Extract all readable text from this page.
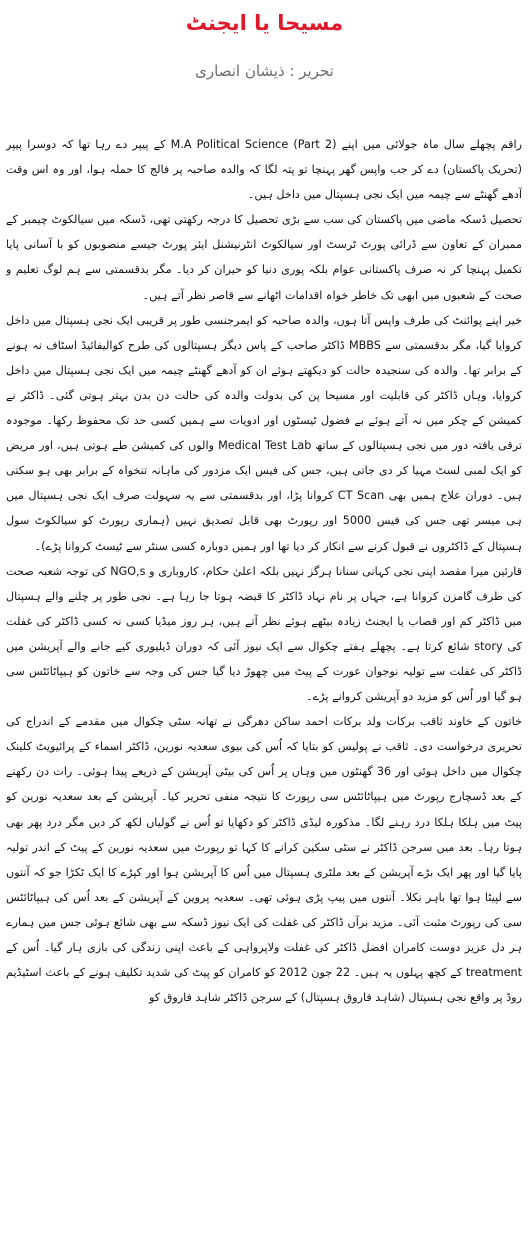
مسیحا یا ایجنٹ
تحریر : ذیشان انصاری

راقم پچھلے سال ماہ جولائی میں اپنے M.A Political Science (Part 2) کے پیپر دے رہا تھا کہ دوسرا پیپر (تحریک پاکستان) دے کر جب واپس گھر پہنچا تو پتہ لگا کہ والدہ صاحبہ پر فالج کا حملہ ہوا، اور وہ اس وقت آدھے گھنٹے سے چیمہ میں ایک نجی ہسپتال میں داخل ہیں۔

تحصیل ڈسکہ ماضی میں پاکستان کی سب سے بڑی تحصیل کا درجہ رکھتی تھی، ڈسکہ میں سیالکوٹ چیمبر کے ممبران کے تعاون سے ڈرائی پورٹ ٹرسٹ اور سیالکوٹ انٹرنیشنل ایئر پورٹ جیسے منصوبوں کو با آسانی پایا تکمیل پہنچا کر نہ صرف پاکستانی عوام بلکہ پوری دنیا کو حیران کر دیا۔ مگر بدقسمتی سے ہم لوگ تعلیم و صحت کے شعبوں میں ابھی تک خاطر خواہ اقدامات اٹھانے سے قاصر نظر آتے ہیں۔

خیر اپنے پوائنٹ کی طرف واپس آتا ہوں، والدہ صاحبہ کو ایمرجنسی طور پر قریبی ایک نجی ہسپتال میں داخل کروایا گیا، مگر بدقسمتی سے MBBS ڈاکٹر صاحب کے پاس دیگر ہسپتالوں کی طرح کوالیفائیڈ اسٹاف نہ ہونے کے برابر تھا۔ والدہ کی سنجیدہ حالت کو دیکھتے ہوئے ان کو آدھے گھنٹے چیمہ میں ایک نجی ہسپتال میں داخل کروایا، وہاں ڈاکٹر کی قابلیت اور مسیحا پن کی بدولت والدہ کی حالت دن بدن بہتر ہوتی گئی۔ ڈاکٹر نے کمیشن کے چکر میں نہ آتے ہوئے بے فضول ٹیسٹوں اور ادویات سے ہمیں کسی حد تک محفوظ رکھا۔ موجودہ ترقی یافتہ دور میں نجی ہسپتالوں کے ساتھ Medical Test Lab والوں کی کمیشن طے ہوتی ہیں، اور مریض کو ایک لمبی لسٹ مہیا کر دی جاتی ہیں، جس کی فیس ایک مزدور کی ماہانہ تنخواہ کے برابر بھی ہو سکتی ہیں۔ دوران علاج ہمیں بھی CT Scan کروانا پڑا، اور بدقسمتی سے یہ سہولت صرف ایک نجی ہسپتال میں ہی میسر تھی جس کی فیس 5000 اور رپورٹ بھی قابل تصدیق نہیں (ہماری رپورٹ کو سیالکوٹ سول ہسپتال کے ڈاکٹروں نے قبول کرنے سے انکار کر دیا تھا اور ہمیں دوبارہ کسی سنٹر سے ٹیسٹ کروانا پڑے)۔

قارئین میرا مقصد اپنی نجی کہانی سنانا ہرگز نہیں بلکہ اعلیٰ حکام، کاروباری و NGO,s کی توجہ شعبہ صحت کی طرف گامزن کروانا ہے، جہاں پر نام نہاد ڈاکٹر کا قبضہ ہوتا جا رہا ہے۔ نجی طور پر چلنے والے ہسپتال میں ڈاکٹر کم اور قصاب یا ایجنٹ زیادہ بیٹھے ہوئے نظر آتے ہیں، ہر روز میڈیا کسی نہ کسی ڈاکٹر کی غفلت کی story شائع کرتا ہے۔ پچھلے ہفتے چکوال سے ایک نیوز آئی کہ دوران ڈیلیوری کیے جانے والے آپریشن میں ڈاکٹر کی غفلت سے تولیہ نوجوان عورت کے پیٹ میں چھوڑ دیا گیا جس کی وجہ سے خاتون کو ہیپاٹائٹس سی ہو گیا اور اُس کو مزید دو آپریشن کروانے پڑے۔

خاتون کے خاوند ثاقب برکات ولد برکات احمد ساکن دھرگی نے تھانہ سٹی چکوال میں مقدمے کے اندراج کی تحریری درخواست دی۔ ثاقب نے پولیس کو بتایا کہ اُس کی بیوی سعدیہ نورین، ڈاکٹر اسماء کے پرائیویٹ کلینک چکوال میں داخل ہوئی اور 36 گھنٹوں میں وہاں پر اُس کی بیٹی آپریشن کے ذریعے پیدا ہوئی۔ رات دن رکھنے کے بعد ڈسچارج رپورٹ میں ہیپاٹائٹس سی رپورٹ کا نتیجہ منفی تحریر کیا۔ آپریشن کے بعد سعدیہ نورین کو پیٹ میں ہلکا ہلکا درد رہنے لگا۔ مذکورہ لیڈی ڈاکٹر کو دکھایا تو اُس نے گولیاں لکھ کر دیں مگر درد پھر بھی ہوتا رہا۔ بعد میں سرجن ڈاکٹر نے سٹی سکین کرانے کا کہا تو رپورٹ میں سعدیہ نورین کے پیٹ کے اندر تولیہ پایا گیا اور پھر ایک بڑے آپریشن کے بعد ملٹری ہسپتال میں اُس کا آپریشن ہوا اور کپڑے کا ایک ٹکڑا جو کہ آنتوں سے لپیٹا ہوا تھا باہر نکلا۔ آنتوں میں پیپ پڑی ہوئی تھی۔ سعدیہ پروین کے آپریشن کے بعد اُس کی ہیپاٹائٹس سی کی رپورٹ مثبت آئی۔ مزید برآں ڈاکٹر کی غفلت کی ایک نیوز ڈسکہ سے بھی شائع ہوئی جس میں ہمارے ہر دل عزیز دوست کامران افضل ڈاکٹر کی غفلت ولاپرواہی کے باعث اپنی زندگی کی بازی ہار گیا۔ اُس کے treatment کے کچھ پہلوں یہ ہیں۔ 22 جون 2012 کو کامران کو پیٹ کی شدید تکلیف ہونے کے باعث اسٹیڈیم روڈ پر واقع نجی ہسپتال (شاہد فاروق ہسپتال) کے سرجن ڈاکٹر شاہد فاروق کو
